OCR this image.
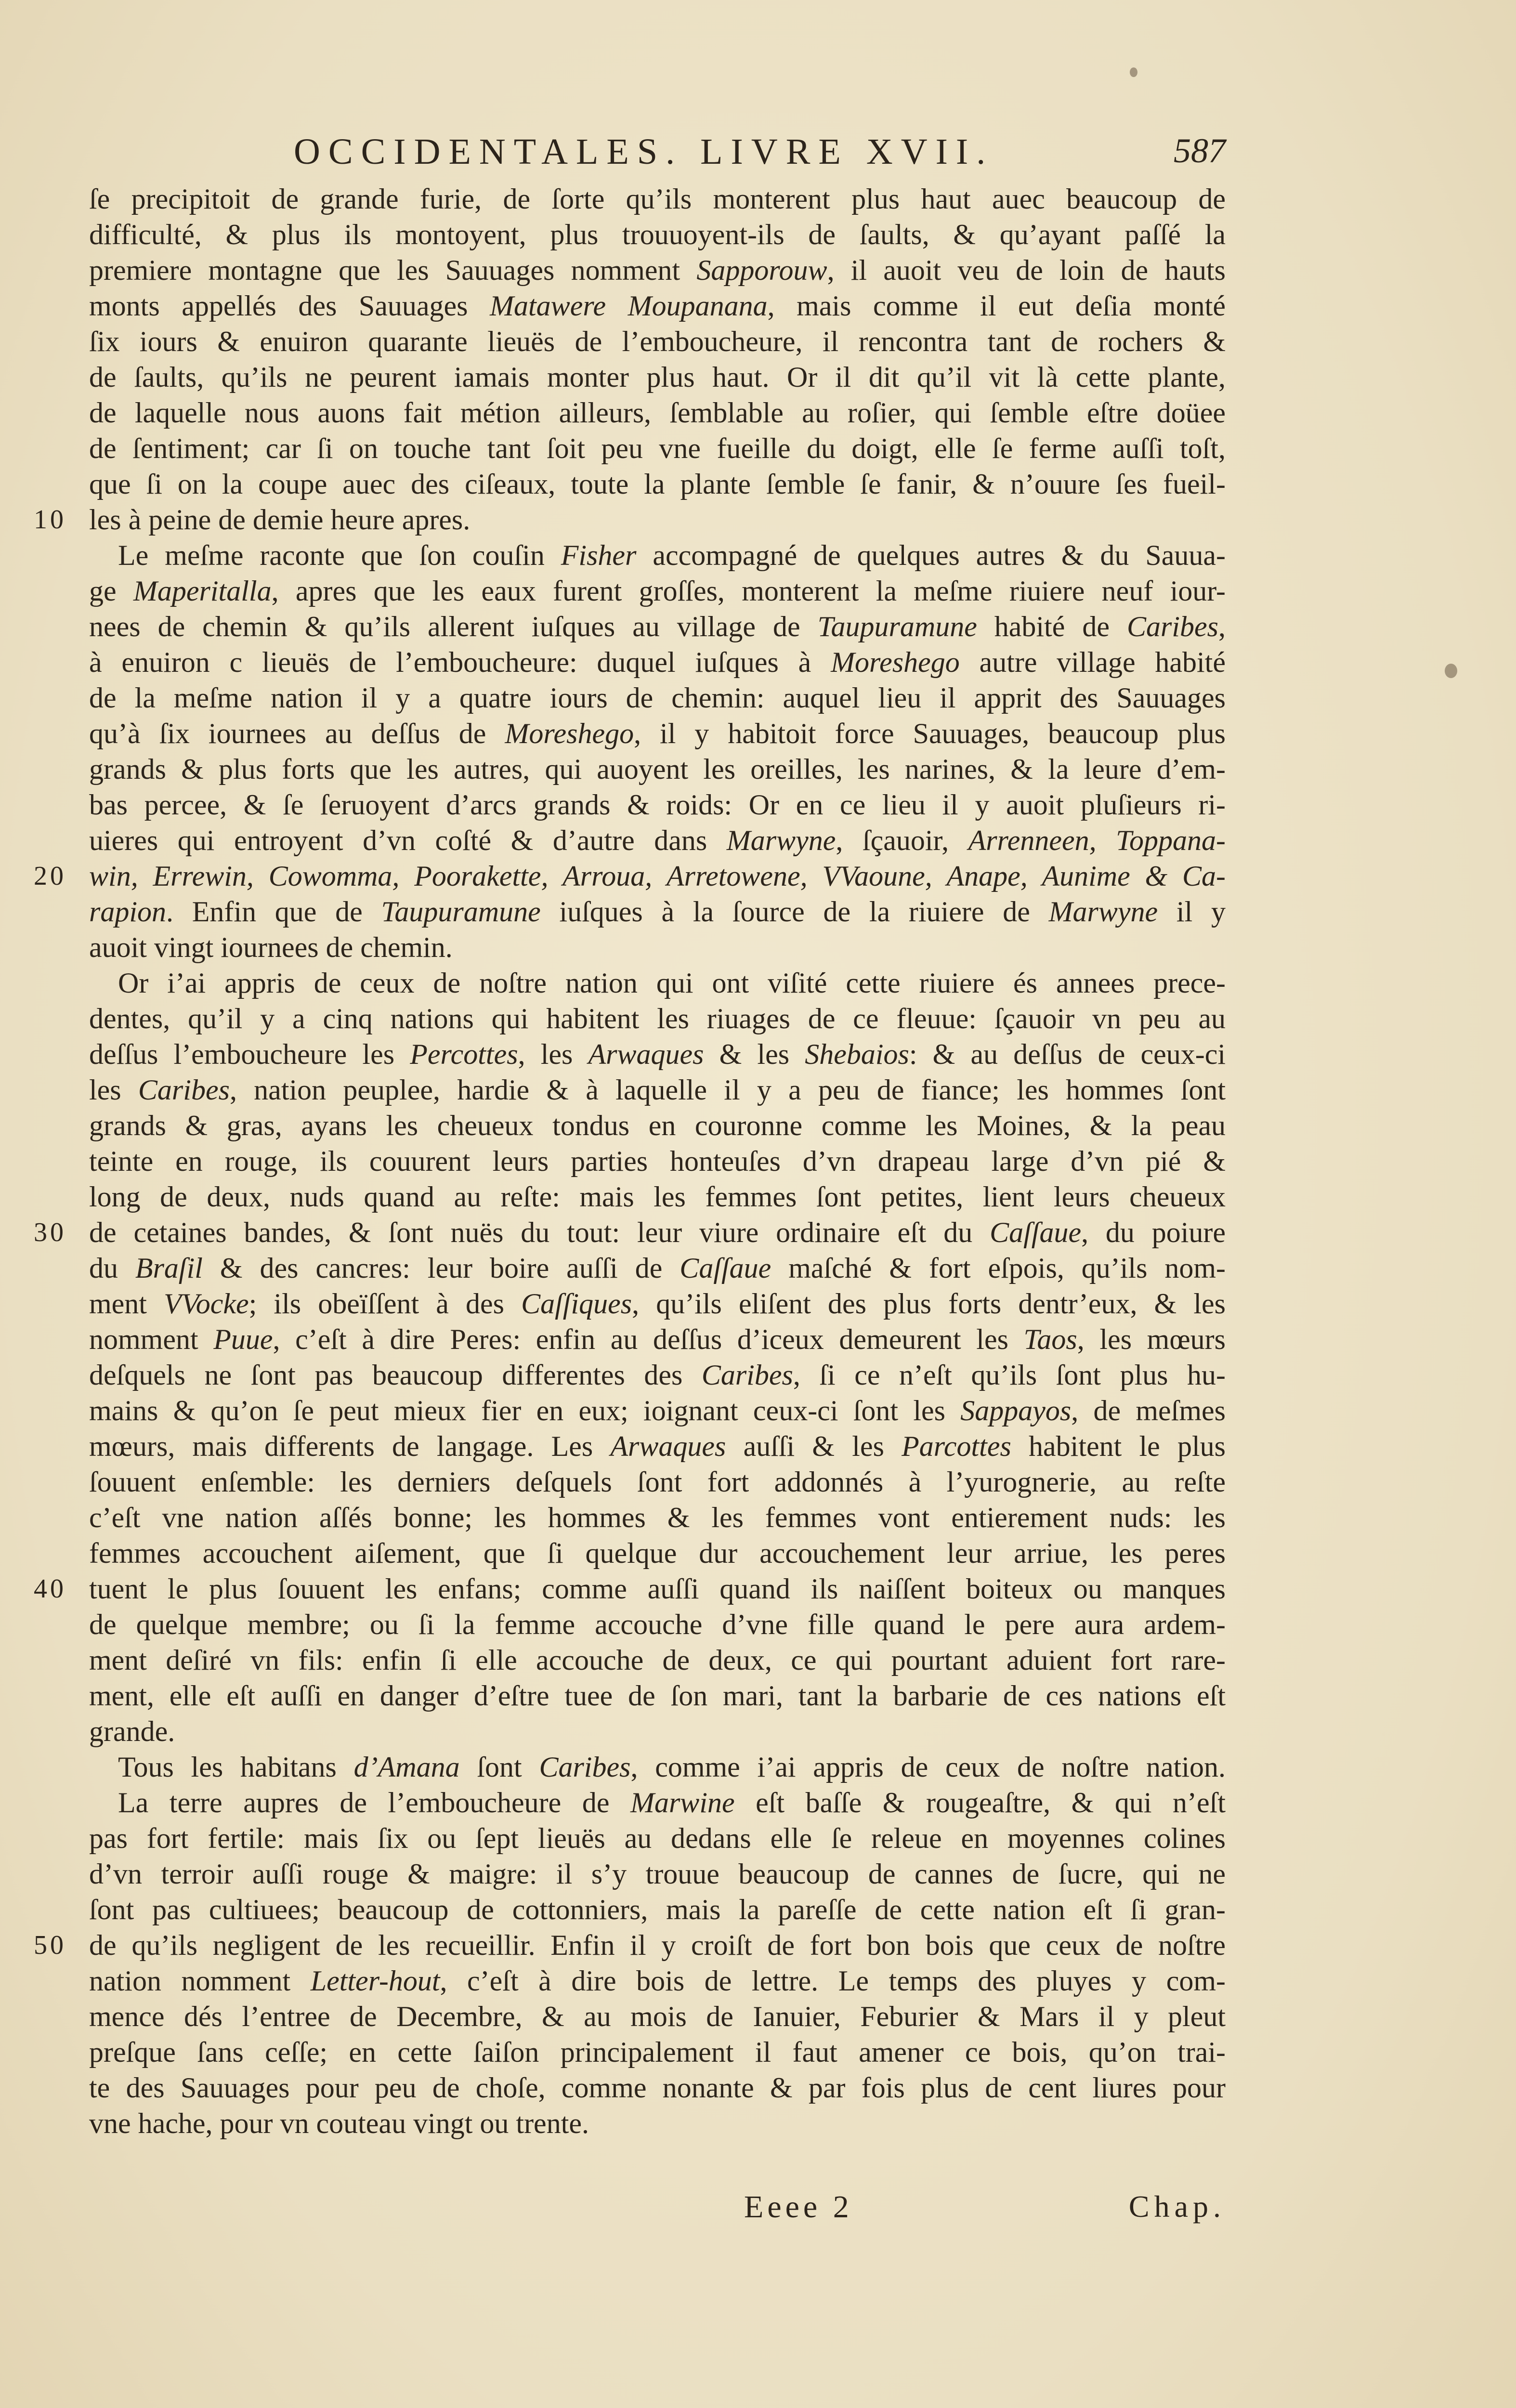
OCCIDENTALES. LIVRE XVII.	587
ſe precipitoit de grande furie, de ſorte qu’ils monterent plus haut auec beaucoup de
difficulté, & plus ils montoyent, plus trouuoyent-ils de ſaults, & qu’ayant paſſé la
premiere montagne que les Sauuages nomment Sapporouw, il auoit veu de loin de hauts
monts appellés des Sauuages Matawere Moupanana, mais comme il eut deſia monté
ſix iours & enuiron quarante lieuës de l’emboucheure, il rencontra tant de rochers &
de ſaults, qu’ils ne peurent iamais monter plus haut. Or il dit qu’il vit là cette plante,
de laquelle nous auons fait métion ailleurs, ſemblable au roſier, qui ſemble eſtre doüee
de ſentiment; car ſi on touche tant ſoit peu vne fueille du doigt, elle ſe ferme auſſi toſt,
que ſi on la coupe auec des ciſeaux, toute la plante ſemble ſe fanir, & n’ouure ſes fueil-
10 les à peine de demie heure apres.
Le meſme raconte que ſon couſin Fisher accompagné de quelques autres & du Sauua-
ge Maperitalla, apres que les eaux furent groſſes, monterent la meſme riuiere neuf iour-
nees de chemin & qu’ils allerent iuſques au village de Taupuramune habité de Caribes,
à enuiron c lieuës de l’emboucheure: duquel iuſques à Moreshego autre village habité
de la meſme nation il y a quatre iours de chemin: auquel lieu il apprit des Sauuages
qu’à ſix iournees au deſſus de Moreshego, il y habitoit force Sauuages, beaucoup plus
grands & plus forts que les autres, qui auoyent les oreilles, les narines, & la leure d’em-
bas percee, & ſe ſeruoyent d’arcs grands & roids: Or en ce lieu il y auoit pluſieurs ri-
uieres qui entroyent d’vn coſté & d’autre dans Marwyne, ſçauoir, Arrenneen, Toppana-
20 win, Errewin, Cowomma, Poorakette, Arroua, Arretowene, VVaoune, Anape, Aunime & Ca-
rapion. Enfin que de Taupuramune iuſques à la ſource de la riuiere de Marwyne il y
auoit vingt iournees de chemin.
Or i’ai appris de ceux de noſtre nation qui ont viſité cette riuiere és annees prece-
dentes, qu’il y a cinq nations qui habitent les riuages de ce fleuue: ſçauoir vn peu au
deſſus l’emboucheure les Percottes, les Arwaques & les Shebaios: & au deſſus de ceux-ci
les Caribes, nation peuplee, hardie & à laquelle il y a peu de fiance; les hommes ſont
grands & gras, ayans les cheueux tondus en couronne comme les Moines, & la peau
teinte en rouge, ils couurent leurs parties honteuſes d’vn drapeau large d’vn pié &
long de deux, nuds quand au reſte: mais les femmes ſont petites, lient leurs cheueux
30 de cetaines bandes, & ſont nuës du tout: leur viure ordinaire eſt du Caſſaue, du poiure
du Braſil & des cancres: leur boire auſſi de Caſſaue maſché & fort eſpois, qu’ils nom-
ment VVocke; ils obeïſſent à des Caſſiques, qu’ils eliſent des plus forts dentr’eux, & les
nomment Puue, c’eſt à dire Peres: enfin au deſſus d’iceux demeurent les Taos, les mœurs
deſquels ne ſont pas beaucoup differentes des Caribes, ſi ce n’eſt qu’ils ſont plus hu-
mains & qu’on ſe peut mieux fier en eux; ioignant ceux-ci ſont les Sappayos, de meſmes
mœurs, mais differents de langage. Les Arwaques auſſi & les Parcottes habitent le plus
ſouuent enſemble: les derniers deſquels ſont fort addonnés à l’yurognerie, au reſte
c’eſt vne nation aſſés bonne; les hommes & les femmes vont entierement nuds: les
femmes accouchent aiſement, que ſi quelque dur accouchement leur arriue, les peres
40 tuent le plus ſouuent les enfans; comme auſſi quand ils naiſſent boiteux ou manques
de quelque membre; ou ſi la femme accouche d’vne fille quand le pere aura ardem-
ment deſiré vn fils: enfin ſi elle accouche de deux, ce qui pourtant aduient fort rare-
ment, elle eſt auſſi en danger d’eſtre tuee de ſon mari, tant la barbarie de ces nations eſt
grande.
Tous les habitans d’Amana ſont Caribes, comme i’ai appris de ceux de noſtre nation.
La terre aupres de l’emboucheure de Marwine eſt baſſe & rougeaſtre, & qui n’eſt
pas fort fertile: mais ſix ou ſept lieuës au dedans elle ſe releue en moyennes colines
d’vn terroir auſſi rouge & maigre: il s’y trouue beaucoup de cannes de ſucre, qui ne
ſont pas cultiuees; beaucoup de cottonniers, mais la pareſſe de cette nation eſt ſi gran-
50 de qu’ils negligent de les recueillir. Enfin il y croiſt de fort bon bois que ceux de noſtre
nation nomment Letter-hout, c’eſt à dire bois de lettre. Le temps des pluyes y com-
mence dés l’entree de Decembre, & au mois de Ianuier, Feburier & Mars il y pleut
preſque ſans ceſſe; en cette ſaiſon principalement il faut amener ce bois, qu’on trai-
te des Sauuages pour peu de choſe, comme nonante & par fois plus de cent liures pour
vne hache, pour vn couteau vingt ou trente.
Eeee 2	Chap.
